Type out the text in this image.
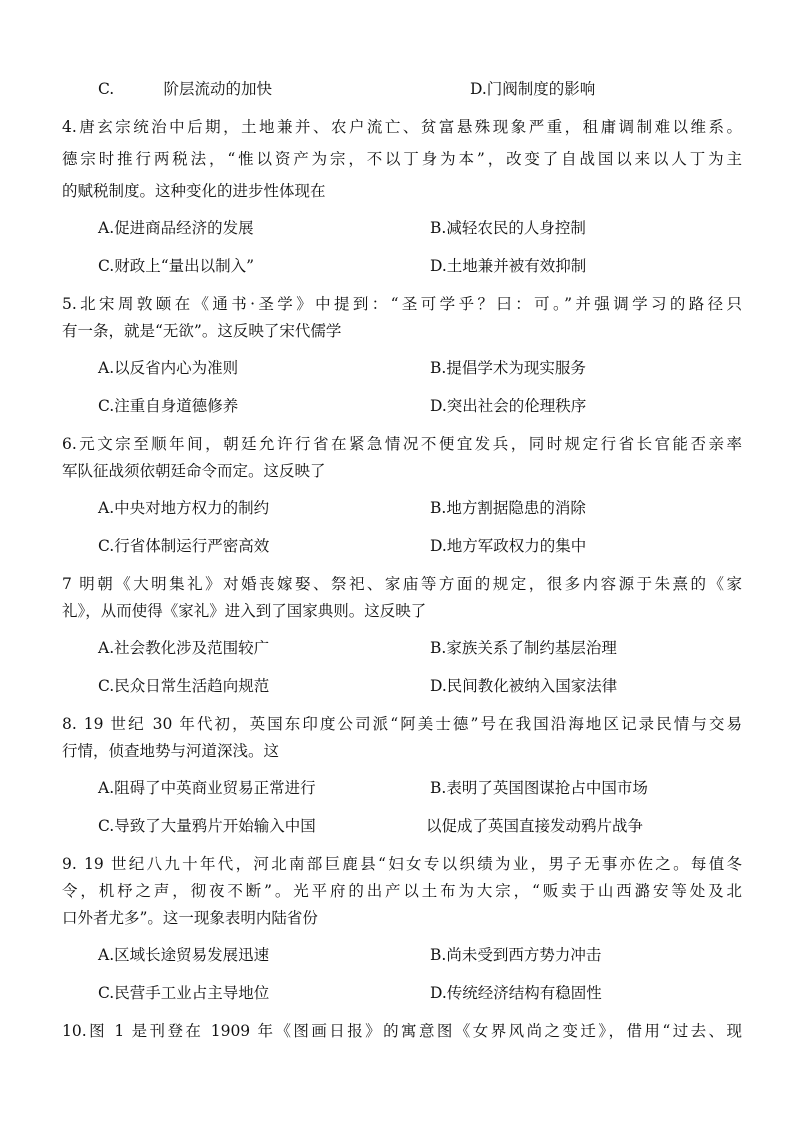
C.          阶层流动的加快	D.门阀制度的影响
4.唐玄宗统治中后期，土地兼并、农户流亡、贫富悬殊现象严重，租庸调制难以维系。
德宗时推行两税法，“惟以资产为宗，不以丁身为本”，改变了自战国以来以人丁为主
的赋税制度。这种变化的进步性体现在
A.促进商品经济的发展	B.减轻农民的人身控制
C.财政上“量出以制入”	D.土地兼并被有效抑制
5.北宋周敦颐在《通书·圣学》中提到：“圣可学乎？曰：可。”并强调学习的路径只
有一条，就是“无欲”。这反映了宋代儒学
A.以反省内心为准则	B.提倡学术为现实服务
C.注重自身道德修养	D.突出社会的伦理秩序
6.元文宗至顺年间，朝廷允许行省在紧急情况不便宜发兵，同时规定行省长官能否亲率
军队征战须依朝廷命令而定。这反映了
A.中央对地方权力的制约	B.地方割据隐患的消除
C.行省体制运行严密高效	D.地方军政权力的集中
7 明朝《大明集礼》对婚丧嫁娶、祭祀、家庙等方面的规定，很多内容源于朱熹的《家
礼》，从而使得《家礼》进入到了国家典则。这反映了
A.社会教化涉及范围较广	B.家族关系了制约基层治理
C.民众日常生活趋向规范	D.民间教化被纳入国家法律
8. 19 世纪 30 年代初，英国东印度公司派“阿美士德”号在我国沿海地区记录民情与交易
行情，侦查地势与河道深浅。这
A.阻碍了中英商业贸易正常进行	B.表明了英国图谋抢占中国市场
C.导致了大量鸦片开始输入中国	以促成了英国直接发动鸦片战争
9. 19 世纪八九十年代，河北南部巨鹿县“妇女专以织绩为业，男子无事亦佐之。每值冬
令，机杼之声，彻夜不断”。光平府的出产以土布为大宗，“贩卖于山西潞安等处及北
口外者尤多”。这一现象表明内陆省份
A.区域长途贸易发展迅速	B.尚未受到西方势力冲击
C.民营手工业占主导地位	D.传统经济结构有稳固性
10.图 1 是刊登在 1909 年《图画日报》的寓意图《女界风尚之变迁》，借用“过去、现
